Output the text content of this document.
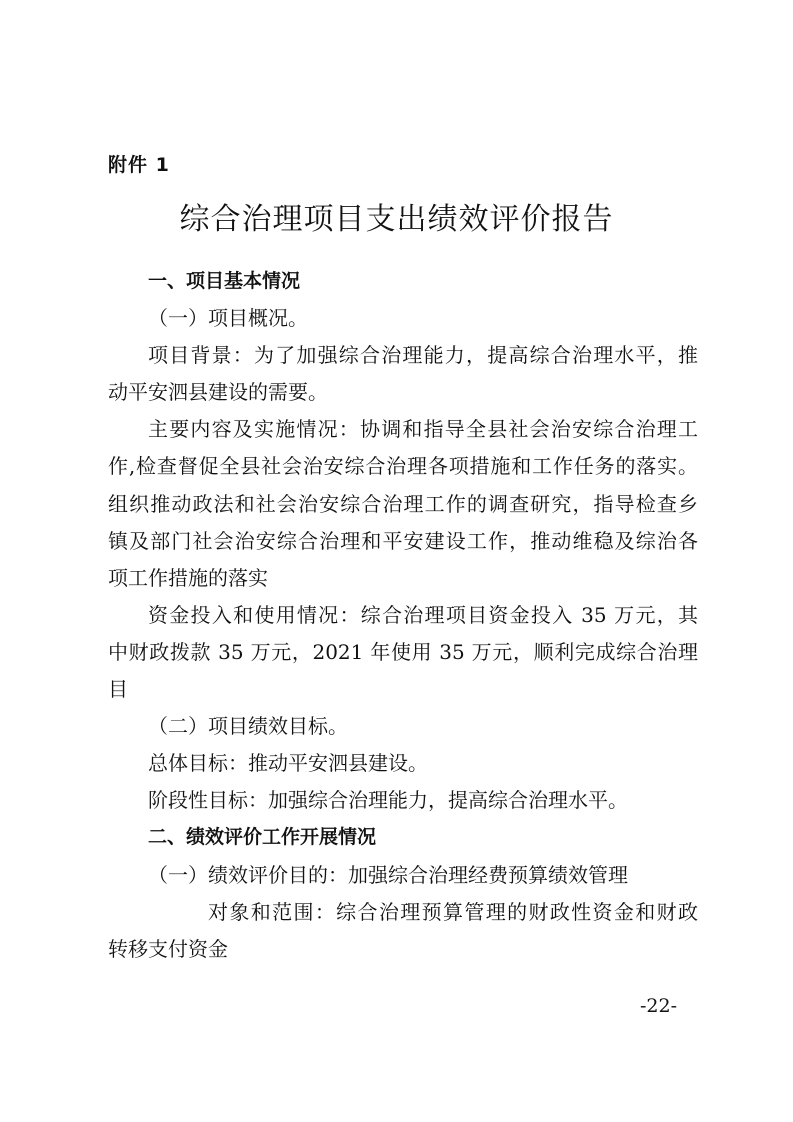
附件 1
综合治理项目支出绩效评价报告
一、项目基本情况
（一）项目概况。
项目背景：为了加强综合治理能力，提高综合治理水平，推
动平安泗县建设的需要。
主要内容及实施情况：协调和指导全县社会治安综合治理工
作,检查督促全县社会治安综合治理各项措施和工作任务的落实。
组织推动政法和社会治安综合治理工作的调查研究，指导检查乡
镇及部门社会治安综合治理和平安建设工作，推动维稳及综治各
项工作措施的落实
资金投入和使用情况：综合治理项目资金投入 35 万元，其
中财政拨款 35 万元，2021 年使用 35 万元，顺利完成综合治理
目
（二）项目绩效目标。
总体目标：推动平安泗县建设。
阶段性目标：加强综合治理能力，提高综合治理水平。
二、绩效评价工作开展情况
（一）绩效评价目的：加强综合治理经费预算绩效管理
对象和范围：综合治理预算管理的财政性资金和财政
转移支付资金
-22-
